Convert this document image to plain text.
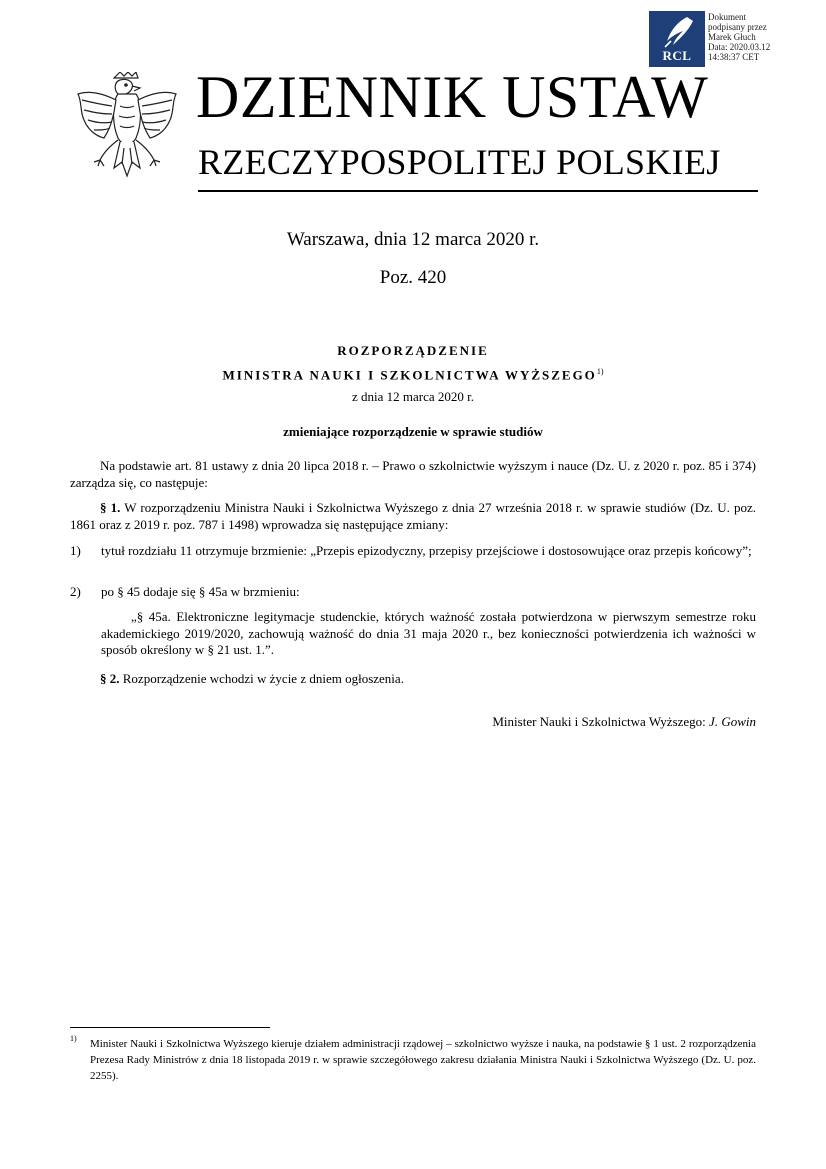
RCL
Dokument
podpisany przez
Marek Głuch
Data: 2020.03.12
14:38:37 CET
DZIENNIK USTAW
RZECZYPOSPOLITEJ POLSKIEJ
Warszawa, dnia 12 marca 2020 r.
Poz. 420
ROZPORZĄDZENIE
MINISTRA NAUKI I SZKOLNICTWA WYŻSZEGO$^{1)}$
z dnia 12 marca 2020 r.
zmieniające rozporządzenie w sprawie studiów
Na podstawie art. 81 ustawy z dnia 20 lipca 2018 r. – Prawo o szkolnictwie wyższym i nauce (Dz. U. z 2020 r. poz. 85 i 374) zarządza się, co następuje:
§ 1. W rozporządzeniu Ministra Nauki i Szkolnictwa Wyższego z dnia 27 września 2018 r. w sprawie studiów (Dz. U. poz. 1861 oraz z 2019 r. poz. 787 i 1498) wprowadza się następujące zmiany:
1) tytuł rozdziału 11 otrzymuje brzmienie: „Przepis epizodyczny, przepisy przejściowe i dostosowujące oraz przepis końcowy”;
2) po § 45 dodaje się § 45a w brzmieniu:
„§ 45a. Elektroniczne legitymacje studenckie, których ważność została potwierdzona w pierwszym semestrze roku akademickiego 2019/2020, zachowują ważność do dnia 31 maja 2020 r., bez konieczności potwierdzenia ich ważności w sposób określony w § 21 ust. 1.”.
§ 2. Rozporządzenie wchodzi w życie z dniem ogłoszenia.
Minister Nauki i Szkolnictwa Wyższego: J. Gowin
1) Minister Nauki i Szkolnictwa Wyższego kieruje działem administracji rządowej – szkolnictwo wyższe i nauka, na podstawie § 1 ust. 2 rozporządzenia Prezesa Rady Ministrów z dnia 18 listopada 2019 r. w sprawie szczegółowego zakresu działania Ministra Nauki i Szkolnictwa Wyższego (Dz. U. poz. 2255).
